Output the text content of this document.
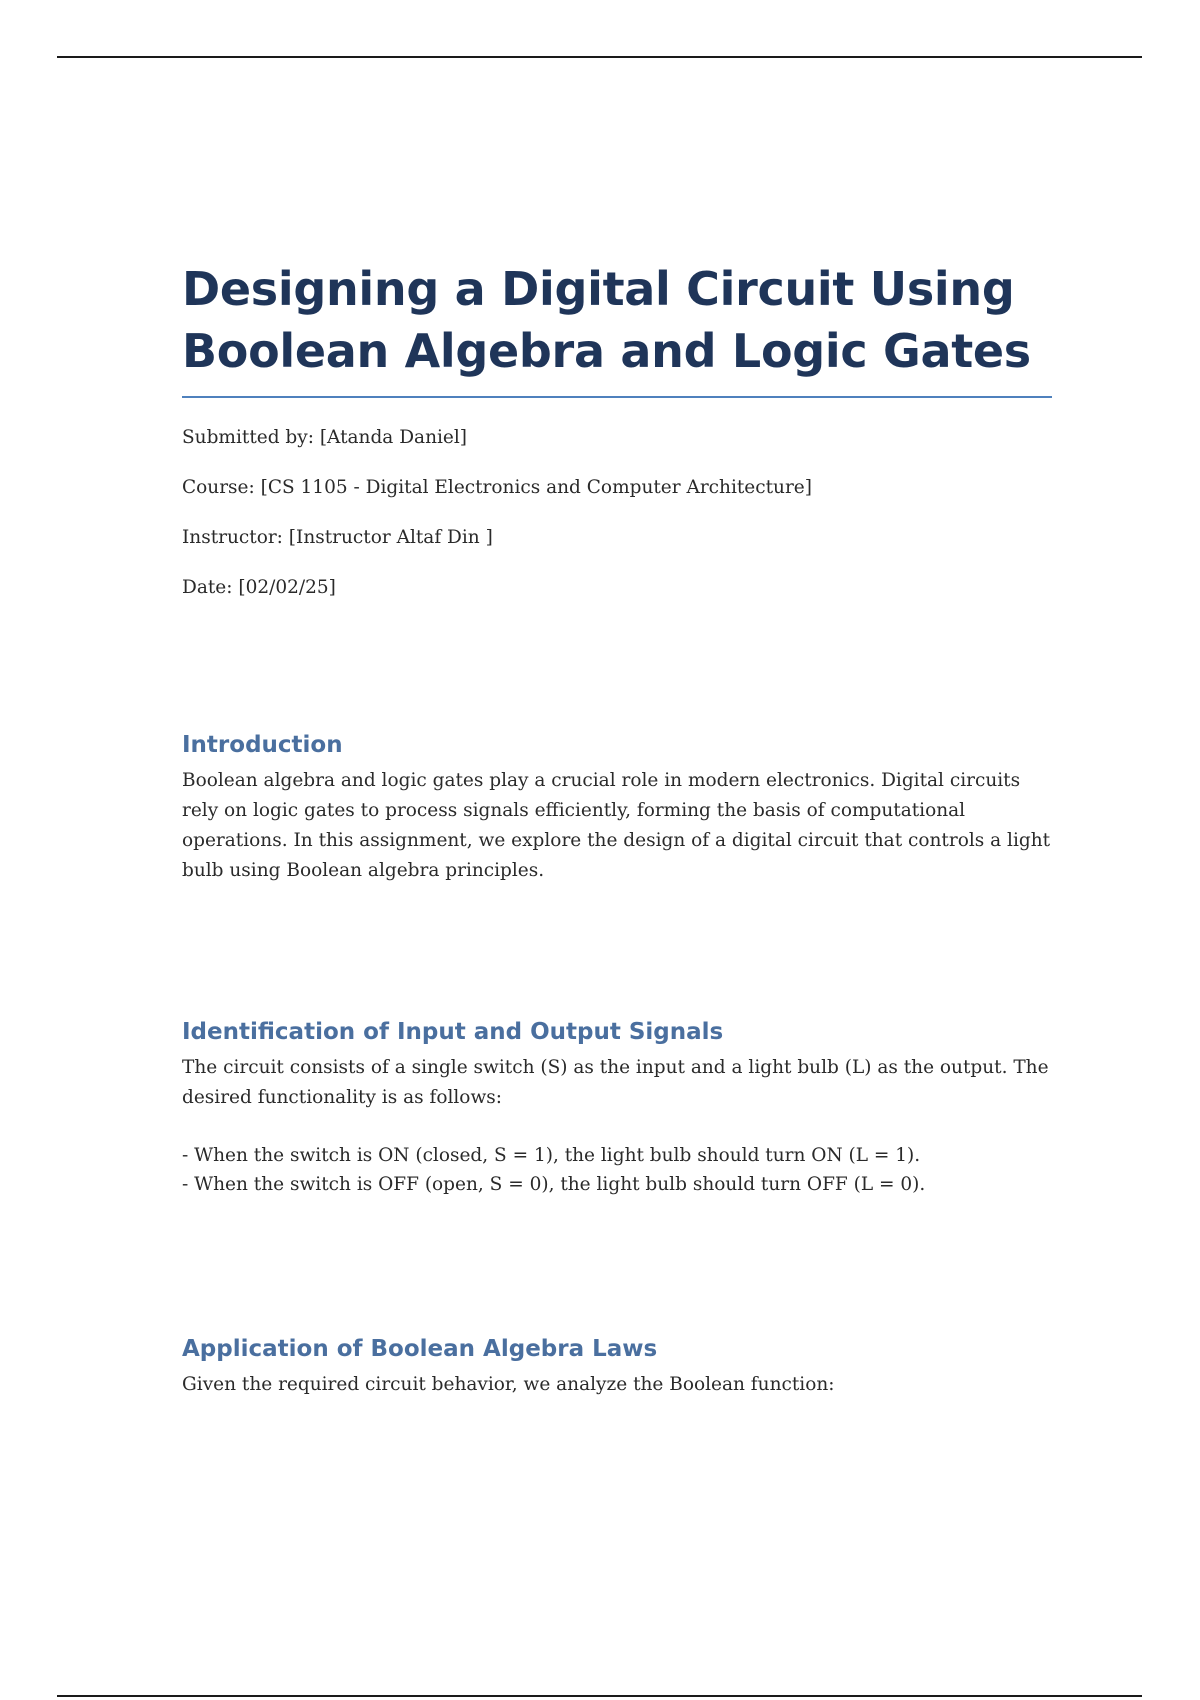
Designing a Digital Circuit Using Boolean Algebra and Logic Gates

Submitted by: [Atanda Daniel]

Course: [CS 1105 - Digital Electronics and Computer Architecture]

Instructor: [Instructor Altaf Din ]

Date: [02/02/25]

Introduction

Boolean algebra and logic gates play a crucial role in modern electronics. Digital circuits rely on logic gates to process signals efficiently, forming the basis of computational operations. In this assignment, we explore the design of a digital circuit that controls a light bulb using Boolean algebra principles.

Identification of Input and Output Signals

The circuit consists of a single switch (S) as the input and a light bulb (L) as the output. The desired functionality is as follows:

- When the switch is ON (closed, S = 1), the light bulb should turn ON (L = 1).
- When the switch is OFF (open, S = 0), the light bulb should turn OFF (L = 0).
Application of Boolean Algebra Laws

Given the required circuit behavior, we analyze the Boolean function:
